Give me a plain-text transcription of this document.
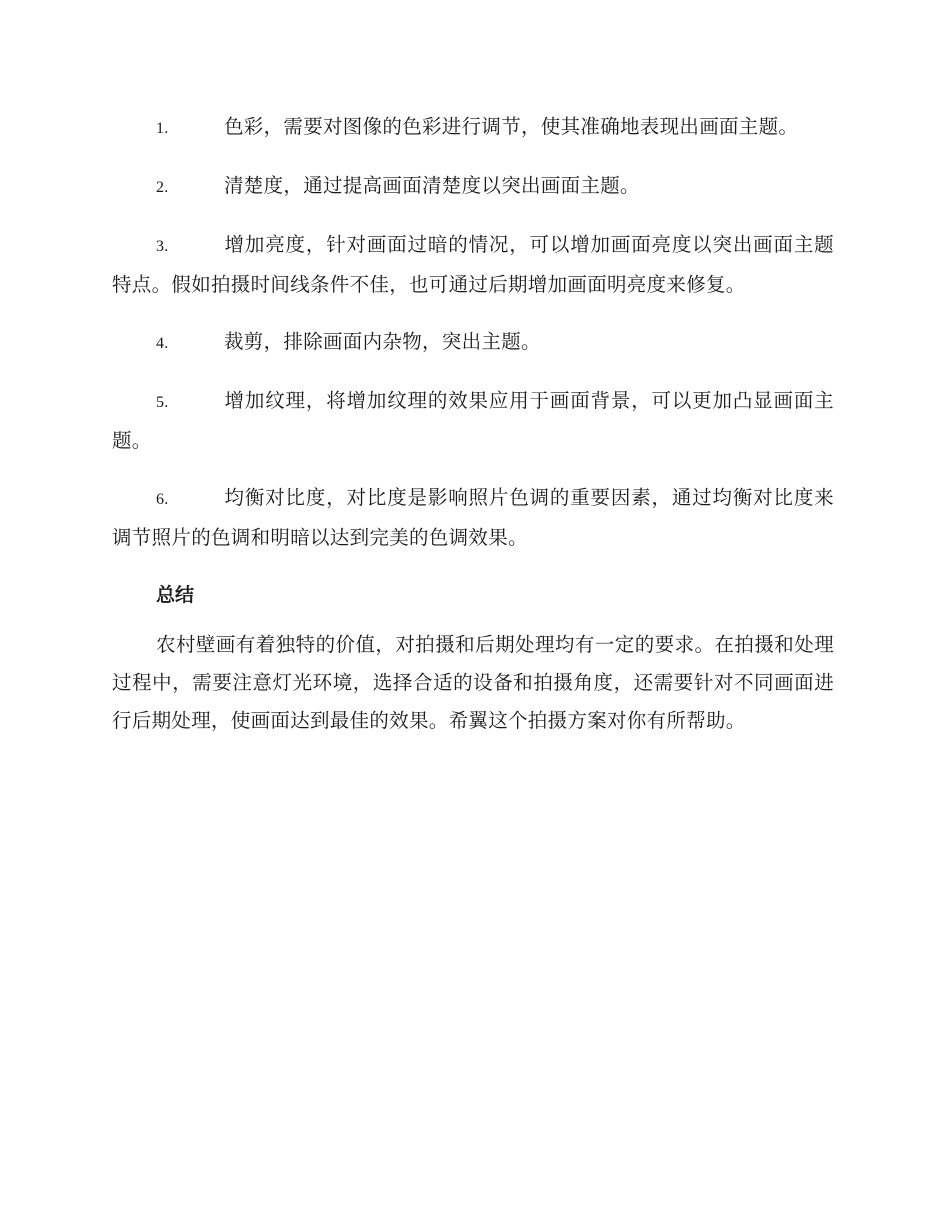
1.	色彩，需要对图像的色彩进行调节，使其准确地表现出画面主题。
2.	清楚度，通过提高画面清楚度以突出画面主题。
3.	增加亮度，针对画面过暗的情况，可以增加画面亮度以突出画面主题特点。假如拍摄时间线条件不佳，也可通过后期增加画面明亮度来修复。
4.	裁剪，排除画面内杂物，突出主题。
5.	增加纹理，将增加纹理的效果应用于画面背景，可以更加凸显画面主题。
6.	均衡对比度，对比度是影响照片色调的重要因素，通过均衡对比度来调节照片的色调和明暗以达到完美的色调效果。
总结

农村壁画有着独特的价值，对拍摄和后期处理均有一定的要求。在拍摄和处理过程中，需要注意灯光环境，选择合适的设备和拍摄角度，还需要针对不同画面进行后期处理，使画面达到最佳的效果。希翼这个拍摄方案对你有所帮助。
